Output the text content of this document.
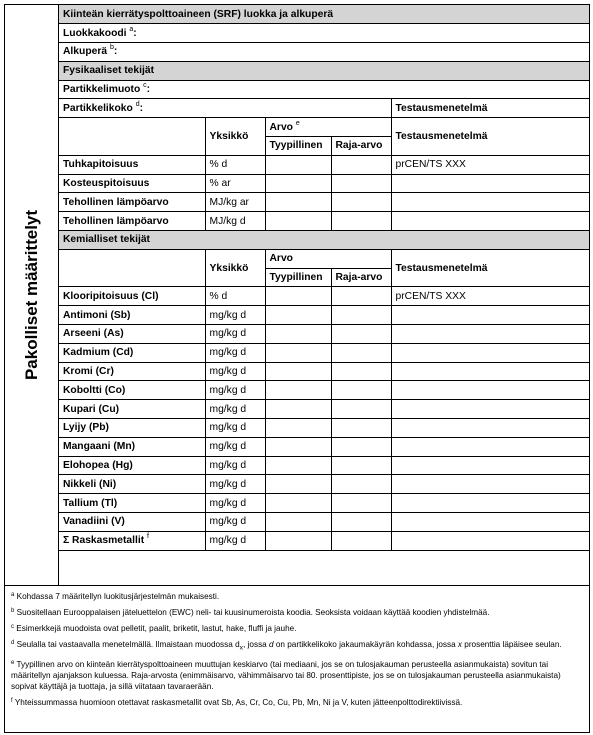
Pakolliset määrittelyt
Kiinteän kierrätyspolttoaineen (SRF) luokka ja alkuperä				
Luokkakoodi $^a$:				
Alkuperä $^b$:				
Fysikaaliset tekijät				
Partikkelimuoto $^c$:				
Partikkelikoko $^d$:				Testausmenetelmä
	Yksikkö	Arvo $^e$		Testausmenetelmä
		Tyypillinen	Raja-arvo	
Tuhkapitoisuus	% d			prCEN/TS XXX
Kosteuspitoisuus	% ar			
Tehollinen lämpöarvo	MJ/kg ar			
Tehollinen lämpöarvo	MJ/kg d			
Kemialliset tekijät				
	Yksikkö	Arvo		Testausmenetelmä
		Tyypillinen	Raja-arvo	
Klooripitoisuus (Cl)	% d			prCEN/TS XXX
Antimoni (Sb)	mg/kg d			
Arseeni (As)	mg/kg d			
Kadmium (Cd)	mg/kg d			
Kromi (Cr)	mg/kg d			
Koboltti (Co)	mg/kg d			
Kupari (Cu)	mg/kg d			
Lyijy (Pb)	mg/kg d			
Mangaani (Mn)	mg/kg d			
Elohopea (Hg)	mg/kg d			
Nikkeli (Ni)	mg/kg d			
Tallium (Tl)	mg/kg d			
Vanadiini (V)	mg/kg d			
Σ Raskasmetallit $^f$	mg/kg d			
$^a$ Kohdassa 7 määritellyn luokitusjärjestelmän mukaisesti.
$^b$ Suositellaan Eurooppalaisen jäteluettelon (EWC) neli- tai kuusinumeroista koodia. Seoksista voidaan käyttää koodien yhdistelmää.
$^c$ Esimerkkejä muodoista ovat pelletit, paalit, briketit, lastut, hake, fluffi ja jauhe.
$^d$ Seulalla tai vastaavalla menetelmällä. Ilmaistaan muodossa $d_x$, jossa d on partikkelikoko jakaumakäyrän kohdassa, jossa x prosenttia läpäisee seulan.
$^e$ Tyypillinen arvo on kiinteän kierrätyspolttoaineen muuttujan keskiarvo (tai mediaani, jos se on tulosjakauman perusteella asianmukaista) sovitun tai määritellyn ajanjakson kuluessa. Raja-arvosta (enimmäisarvo, vähimmäisarvo tai 80. prosenttipiste, jos se on tulosjakauman perusteella asianmukaista) sopivat käyttäjä ja tuottaja, ja sillä viitataan tavaraerään.
$^f$ Yhteissummassa huomioon otettavat raskasmetallit ovat Sb, As, Cr, Co, Cu, Pb, Mn, Ni ja V, kuten jätteenpolttodirektiivissä.
